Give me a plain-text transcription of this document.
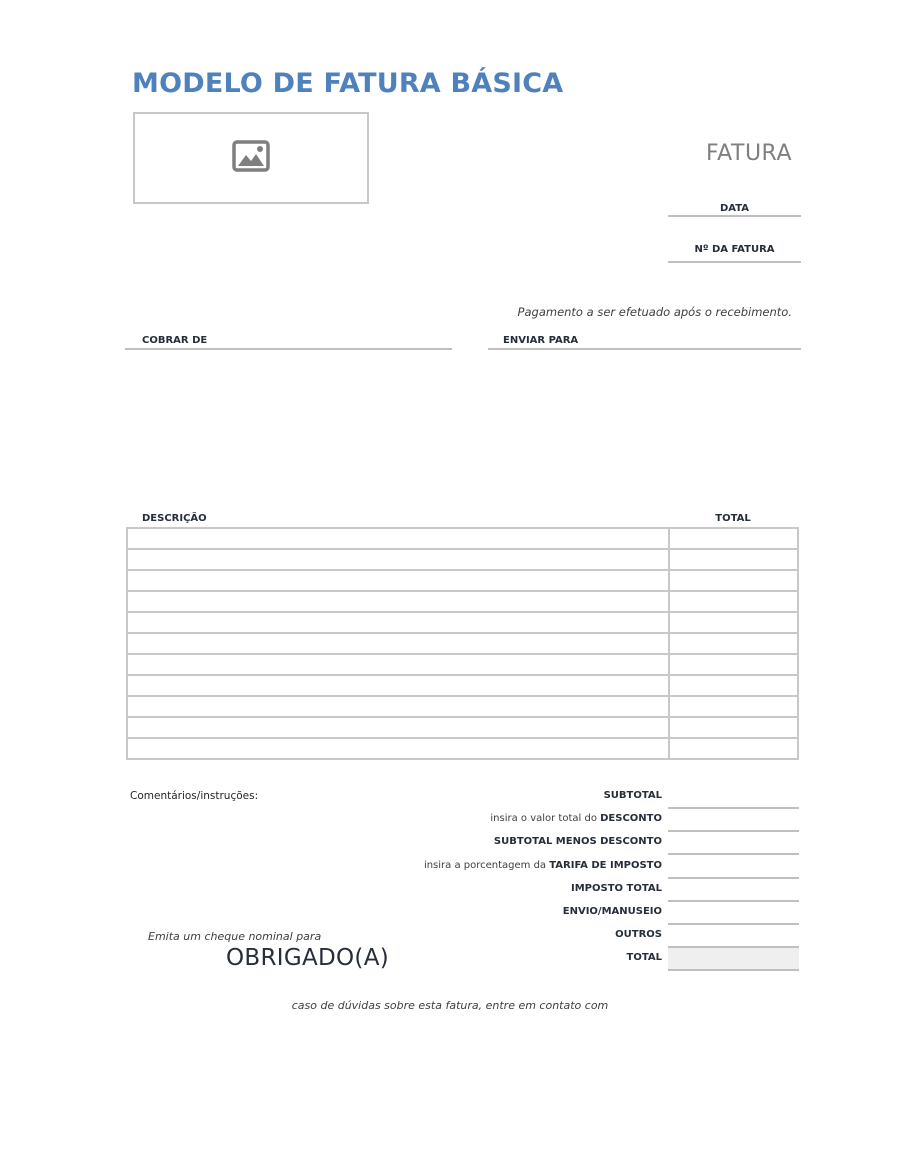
MODELO DE FATURA BÁSICA
FATURA
DATA
Nº DA FATURA
Pagamento a ser efetuado após o recebimento.
COBRAR DE	ENVIAR PARA
DESCRIÇÃO	TOTAL

Comentários/instruções:	SUBTOTAL
insira o valor total do DESCONTO
SUBTOTAL MENOS DESCONTO
insira a porcentagem da TARIFA DE IMPOSTO
IMPOSTO TOTAL
ENVIO/MANUSEIO
OUTROS
TOTAL
Emita um cheque nominal para
OBRIGADO(A)
caso de dúvidas sobre esta fatura, entre em contato com
